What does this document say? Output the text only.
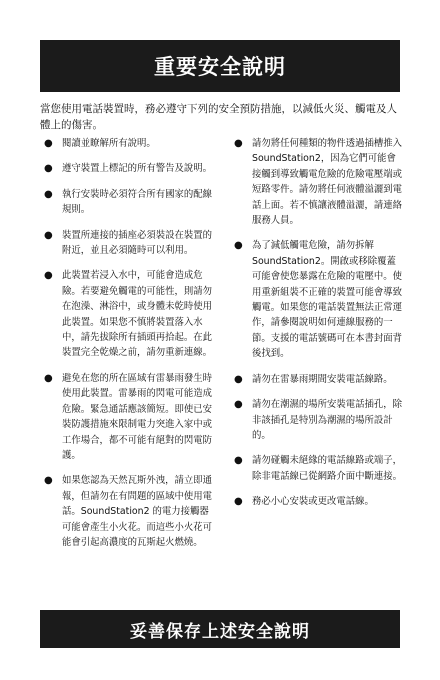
重要安全說明

當您使用電話裝置時，務必遵守下列的安全預防措施，以減低火災、觸電及人體上的傷害。

● 閱讀並瞭解所有說明。
● 遵守裝置上標記的所有警告及說明。
● 執行安裝時必須符合所有國家的配線規則。
● 裝置所連接的插座必須裝設在裝置的附近，並且必須隨時可以利用。
● 此裝置若浸入水中，可能會造成危險。若要避免觸電的可能性，則請勿在泡澡、淋浴中，或身體未乾時使用此裝置。如果您不慎將裝置落入水中，請先拔除所有插頭再拾起。在此裝置完全乾燥之前，請勿重新連線。
● 避免在您的所在區域有雷暴雨發生時使用此裝置。雷暴雨的閃電可能造成危險。緊急通話應該簡短。即使已安裝防護措施來限制電力突進入家中或工作場合，都不可能有絕對的閃電防護。
● 如果您認為天然瓦斯外洩，請立即通報，但請勿在有問題的區域中使用電話。SoundStation2 的電力接觸器可能會產生小火花。而這些小火花可能會引起高濃度的瓦斯起火燃燒。
● 請勿將任何種類的物件透過插槽推入 SoundStation2，因為它們可能會接觸到導致觸電危險的危險電壓端或短路零件。請勿將任何液體溢灑到電話上面。若不慎讓液體溢灑，請連絡服務人員。
● 為了減低觸電危險，請勿拆解 SoundStation2。開啟或移除覆蓋可能會使您暴露在危險的電壓中。使用重新組裝不正確的裝置可能會導致觸電。如果您的電話裝置無法正常運作，請參閱說明如何連線服務的一節。支援的電話號碼可在本書封面背後找到。
● 請勿在雷暴雨期間安裝電話線路。
● 請勿在潮濕的場所安裝電話插孔，除非該插孔是特別為潮濕的場所設計的。
● 請勿碰觸未絕緣的電話線路或端子，除非電話線已從網路介面中斷連接。
● 務必小心安裝或更改電話線。
妥善保存上述安全說明
